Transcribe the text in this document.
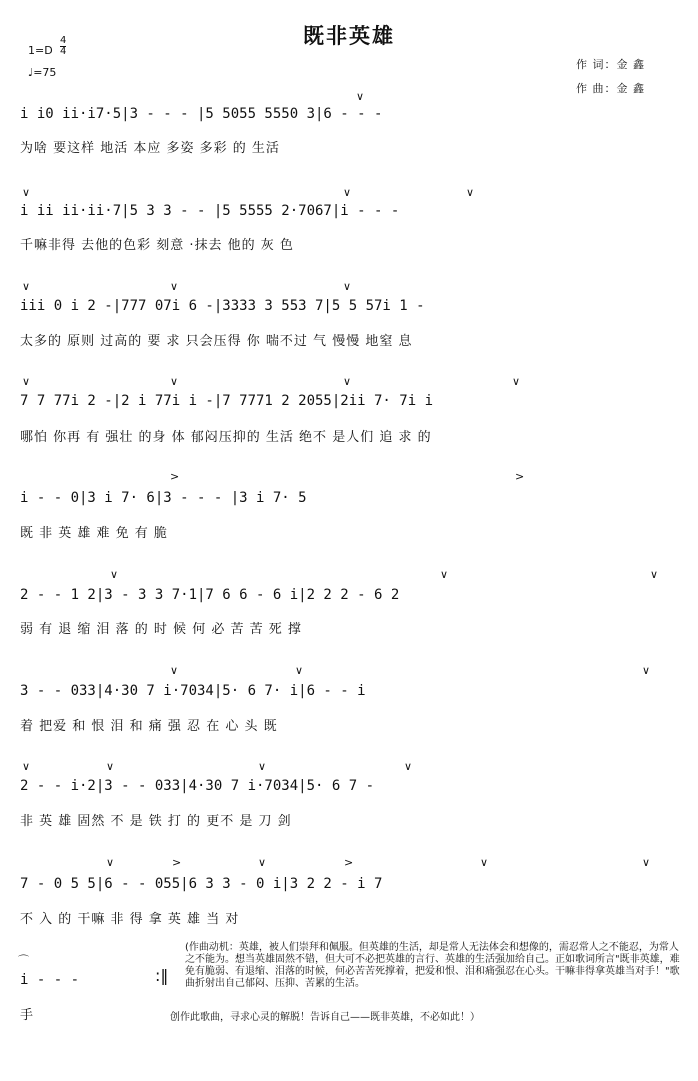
既非英雄
1=D
4
4
♩=75
作 词：金 鑫
作 曲：金 鑫
i i0 ii·i7·5|3 - - - |5 5055 5550 3|6 - - -
为啥 要这样 地活 本应 多姿 多彩 的 生活
∨
i ii ii·ii·7|5 3 3 - - |5 5555 2·7067|i - - -
千嘛非得 去他的色彩 刻意 ·抹去 他的 灰 色
∨	∨	∨
iii 0 i 2 -|777 07i 6 -|3333 3 553 7|5 5 57i 1 -
太多的 原则 过高的 要 求 只会压得 你 喘不过 气 慢慢 地窒 息
∨	∨	∨
7 7 77i 2 -|2 i 77i i -|7 7771 2 2055|2ii 7· 7i i
哪怕 你再 有 强壮 的身 体 郁闷压抑的 生活 绝不 是人们 追 求 的
∨	∨	∨	∨
i - - 0|3 i 7· 6|3 - - - |3 i 7· 5
既 非 英 雄 难 免 有 脆
>	>
2 - - 1 2|3 - 3 3 7·1|7 6 6 - 6 i|2 2 2 - 6 2
弱 有 退 缩 泪 落 的 时 候 何 必 苦 苦 死 撑
∨	∨	∨
3 - - 033|4·30 7 i·7034|5· 6 7· i|6 - - i
着 把爱 和 恨 泪 和 痛 强 忍 在 心 头 既
∨	∨	∨
2 - - i·2|3 - - 033|4·30 7 i·7034|5· 6 7 -
非 英 雄 固然 不 是 铁 打 的 更不 是 刀 剑
∨	∨	∨	∨
7 - 0 5 5|6 - - 055|6 3 3 - 0 i|3 2 2 - i 7
不 入 的 干嘛 非 得 拿 英 雄 当 对
∨	>	∨	>	∨	∨
⌒
i - - -
手
:‖
(作曲动机：英雄，被人们崇拜和佩服。但英雄的生活，却是常人无法体会和想像的，需忍常人之不能忍，为常人之不能为。想当英雄固然不错，但大可不必把英雄的言行、英雄的生活强加给自己。正如歌词所言"既非英雄，难免有脆弱、有退缩、泪落的时候，何必苦苦死撑着，把爱和恨、泪和痛强忍在心头。干嘛非得拿英雄当对手！"歌曲折射出自己郁闷、压抑、苦累的生活。
创作此歌曲，寻求心灵的解脱！告诉自己——既非英雄，不必如此！）
